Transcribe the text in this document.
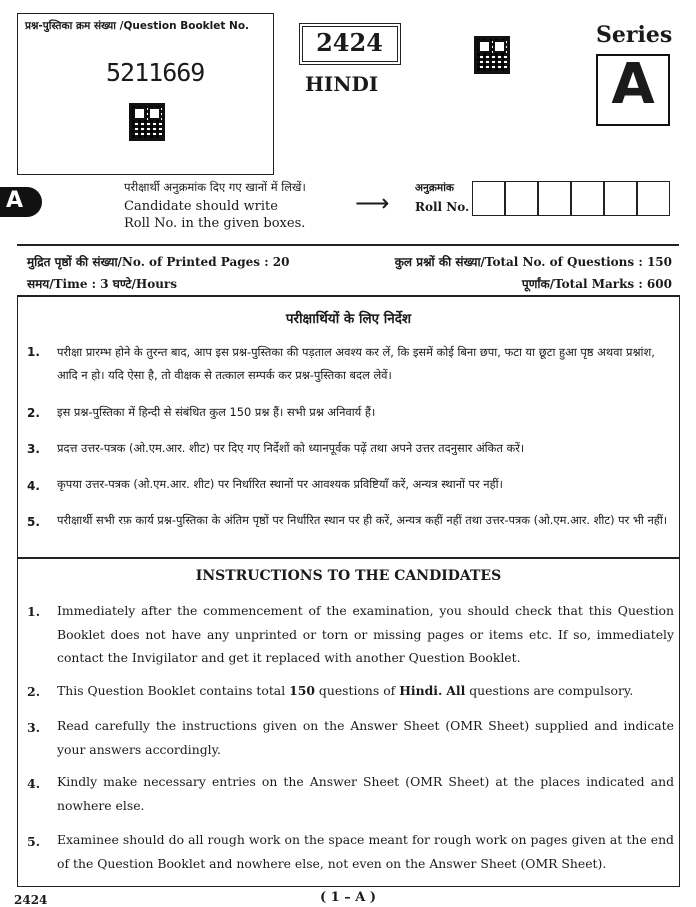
प्रश्न-पुस्तिका क्रम संख्या /Question Booklet No.
5211669
2424
HINDI
Series
A
A
परीक्षार्थी अनुक्रमांक दिए गए खानों में लिखें।
Candidate should write
Roll No. in the given boxes.
⟶
अनुक्रमांक
Roll No.
मुद्रित पृष्ठों की संख्या/No. of Printed Pages : 20
समय/Time : 3 घण्टे/Hours
कुल प्रश्नों की संख्या/Total No. of Questions : 150
पूर्णांक/Total Marks : 600
परीक्षार्थियों के लिए निर्देश
1. परीक्षा प्रारम्भ होने के तुरन्त बाद, आप इस प्रश्न-पुस्तिका की पड़ताल अवश्य कर लें, कि इसमें कोई बिना छपा, फटा या छूटा हुआ पृष्ठ अथवा प्रश्नांश, आदि न हो। यदि ऐसा है, तो वीक्षक से तत्काल सम्पर्क कर प्रश्न-पुस्तिका बदल लेवें।
2. इस प्रश्न-पुस्तिका में हिन्दी से संबंधित कुल 150 प्रश्न हैं। सभी प्रश्न अनिवार्य हैं।
3. प्रदत्त उत्तर-पत्रक (ओ.एम.आर. शीट) पर दिए गए निर्देशों को ध्यानपूर्वक पढ़ें तथा अपने उत्तर तदनुसार अंकित करें।
4. कृपया उत्तर-पत्रक (ओ.एम.आर. शीट) पर निर्धारित स्थानों पर आवश्यक प्रविष्टियाँ करें, अन्यत्र स्थानों पर नहीं।
5. परीक्षार्थी सभी रफ़ कार्य प्रश्न-पुस्तिका के अंतिम पृष्ठों पर निर्धारित स्थान पर ही करें, अन्यत्र कहीं नहीं तथा उत्तर-पत्रक (ओ.एम.आर. शीट) पर भी नहीं।
INSTRUCTIONS TO THE CANDIDATES
1. Immediately after the commencement of the examination, you should check that this Question Booklet does not have any unprinted or torn or missing pages or items etc. If so, immediately contact the Invigilator and get it replaced with another Question Booklet.
2. This Question Booklet contains total 150 questions of Hindi. All questions are compulsory.
3. Read carefully the instructions given on the Answer Sheet (OMR Sheet) supplied and indicate your answers accordingly.
4. Kindly make necessary entries on the Answer Sheet (OMR Sheet) at the places indicated and nowhere else.
5. Examinee should do all rough work on the space meant for rough work on pages given at the end of the Question Booklet and nowhere else, not even on the Answer Sheet (OMR Sheet).
2424	( 1 – A )
